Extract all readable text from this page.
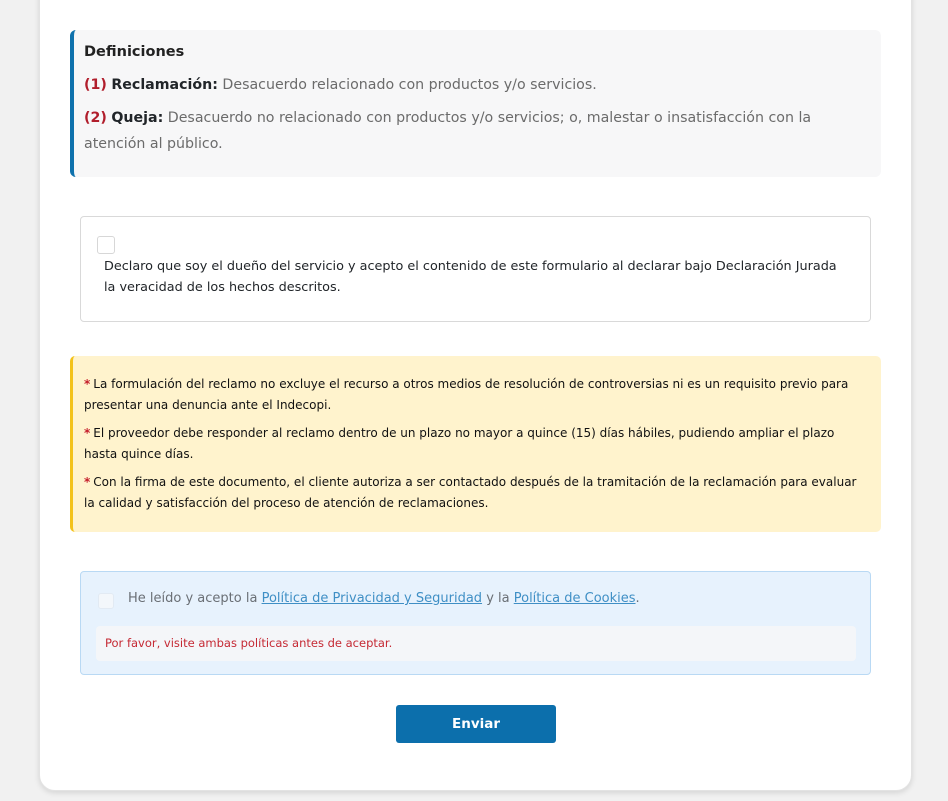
Definiciones
(1) Reclamación: Desacuerdo relacionado con productos y/o servicios.
(2) Queja: Desacuerdo no relacionado con productos y/o servicios; o, malestar o insatisfacción con la atención al público.
Declaro que soy el dueño del servicio y acepto el contenido de este formulario al declarar bajo Declaración Jurada la veracidad de los hechos descritos.
* La formulación del reclamo no excluye el recurso a otros medios de resolución de controversias ni es un requisito previo para presentar una denuncia ante el Indecopi.
* El proveedor debe responder al reclamo dentro de un plazo no mayor a quince (15) días hábiles, pudiendo ampliar el plazo hasta quince días.
* Con la firma de este documento, el cliente autoriza a ser contactado después de la tramitación de la reclamación para evaluar la calidad y satisfacción del proceso de atención de reclamaciones.
He leído y acepto la Política de Privacidad y Seguridad y la Política de Cookies.
Por favor, visite ambas políticas antes de aceptar.
Enviar
